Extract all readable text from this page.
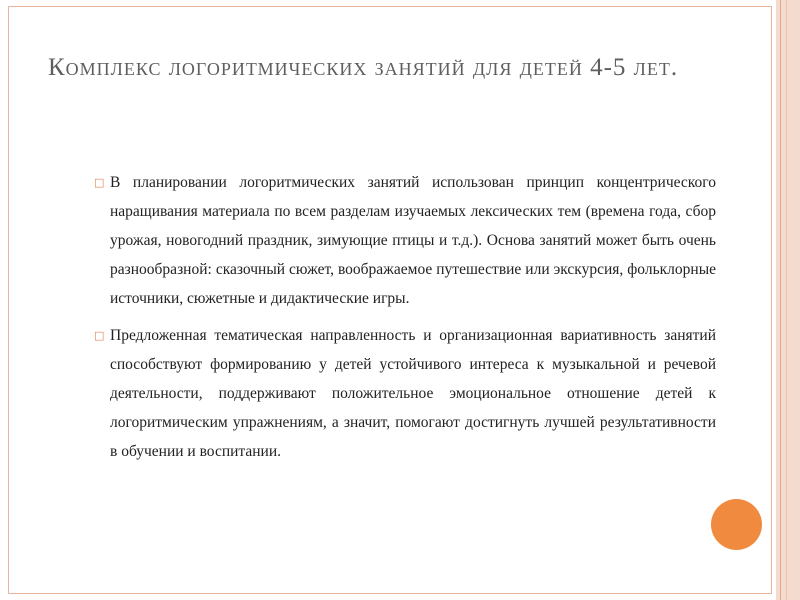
Комплекс логоритмических занятий для детей 4-5 лет.
□ В планировании логоритмических занятий использован принцип концентрического наращивания материала по всем разделам изучаемых лексических тем (времена года, сбор урожая, новогодний праздник, зимующие птицы и т.д.). Основа занятий может быть очень разнообразной: сказочный сюжет, воображаемое путешествие или экскурсия, фольклорные источники, сюжетные и дидактические игры.
□ Предложенная тематическая направленность и организационная вариативность занятий способствуют формированию у детей устойчивого интереса к музыкальной и речевой деятельности, поддерживают положительное эмоциональное отношение детей к логоритмическим упражнениям, а значит, помогают достигнуть лучшей результативности в обучении и воспитании.
